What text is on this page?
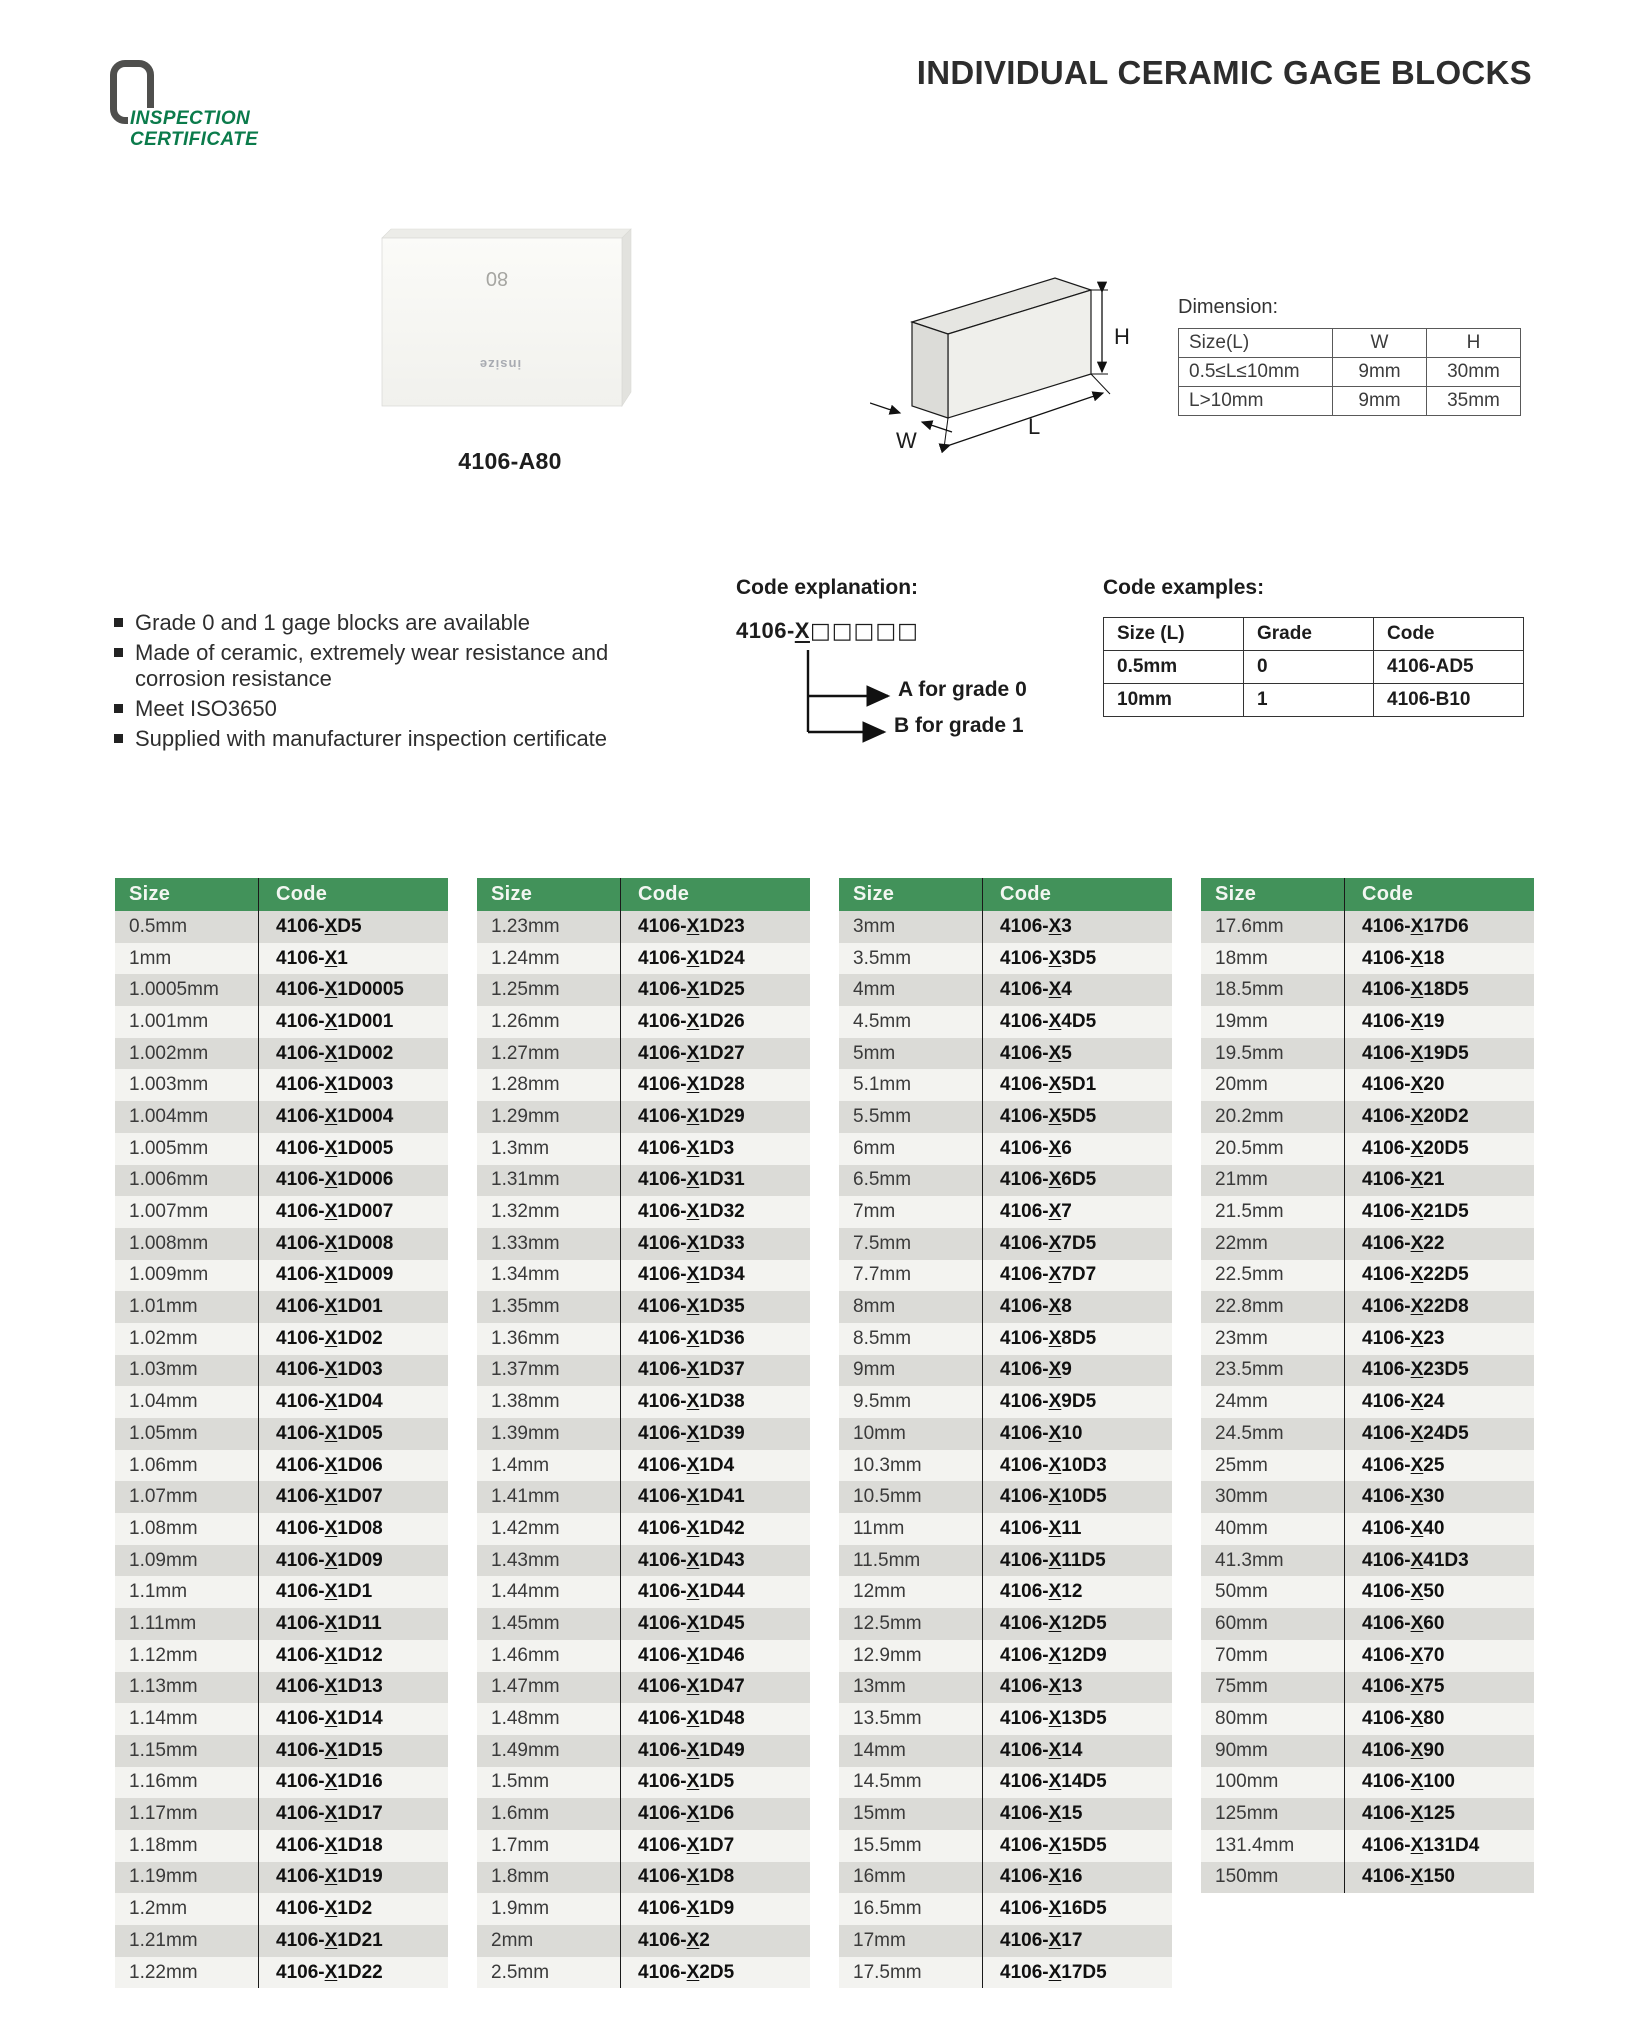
INSPECTION
CERTIFICATE
INDIVIDUAL CERAMIC GAGE BLOCKS
80
insize
4106-A80
H
L
W
Dimension:
Size(L)	W	H
0.5≤L≤10mm	9mm	30mm
L>10mm	9mm	35mm
Grade 0 and 1 gage blocks are available
Made of ceramic, extremely wear resistance and corrosion resistance
Meet ISO3650
Supplied with manufacturer inspection certificate
Code explanation:
4106-X□□□□□
A for grade 0
B for grade 1
Code examples:
Size (L)	Grade	Code
0.5mm	0	4106-AD5
10mm	1	4106-B10
Size	Code
0.5mm	4106- X D5
1mm	4106- X 1
1.0005mm	4106- X 1D0005
1.001mm	4106- X 1D001
1.002mm	4106- X 1D002
1.003mm	4106- X 1D003
1.004mm	4106- X 1D004
1.005mm	4106- X 1D005
1.006mm	4106- X 1D006
1.007mm	4106- X 1D007
1.008mm	4106- X 1D008
1.009mm	4106- X 1D009
1.01mm	4106- X 1D01
1.02mm	4106- X 1D02
1.03mm	4106- X 1D03
1.04mm	4106- X 1D04
1.05mm	4106- X 1D05
1.06mm	4106- X 1D06
1.07mm	4106- X 1D07
1.08mm	4106- X 1D08
1.09mm	4106- X 1D09
1.1mm	4106- X 1D1
1.11mm	4106- X 1D11
1.12mm	4106- X 1D12
1.13mm	4106- X 1D13
1.14mm	4106- X 1D14
1.15mm	4106- X 1D15
1.16mm	4106- X 1D16
1.17mm	4106- X 1D17
1.18mm	4106- X 1D18
1.19mm	4106- X 1D19
1.2mm	4106- X 1D2
1.21mm	4106- X 1D21
1.22mm	4106- X 1D22
Size	Code
1.23mm	4106- X 1D23
1.24mm	4106- X 1D24
1.25mm	4106- X 1D25
1.26mm	4106- X 1D26
1.27mm	4106- X 1D27
1.28mm	4106- X 1D28
1.29mm	4106- X 1D29
1.3mm	4106- X 1D3
1.31mm	4106- X 1D31
1.32mm	4106- X 1D32
1.33mm	4106- X 1D33
1.34mm	4106- X 1D34
1.35mm	4106- X 1D35
1.36mm	4106- X 1D36
1.37mm	4106- X 1D37
1.38mm	4106- X 1D38
1.39mm	4106- X 1D39
1.4mm	4106- X 1D4
1.41mm	4106- X 1D41
1.42mm	4106- X 1D42
1.43mm	4106- X 1D43
1.44mm	4106- X 1D44
1.45mm	4106- X 1D45
1.46mm	4106- X 1D46
1.47mm	4106- X 1D47
1.48mm	4106- X 1D48
1.49mm	4106- X 1D49
1.5mm	4106- X 1D5
1.6mm	4106- X 1D6
1.7mm	4106- X 1D7
1.8mm	4106- X 1D8
1.9mm	4106- X 1D9
2mm	4106- X 2
2.5mm	4106- X 2D5
Size	Code
3mm	4106- X 3
3.5mm	4106- X 3D5
4mm	4106- X 4
4.5mm	4106- X 4D5
5mm	4106- X 5
5.1mm	4106- X 5D1
5.5mm	4106- X 5D5
6mm	4106- X 6
6.5mm	4106- X 6D5
7mm	4106- X 7
7.5mm	4106- X 7D5
7.7mm	4106- X 7D7
8mm	4106- X 8
8.5mm	4106- X 8D5
9mm	4106- X 9
9.5mm	4106- X 9D5
10mm	4106- X 10
10.3mm	4106- X 10D3
10.5mm	4106- X 10D5
11mm	4106- X 11
11.5mm	4106- X 11D5
12mm	4106- X 12
12.5mm	4106- X 12D5
12.9mm	4106- X 12D9
13mm	4106- X 13
13.5mm	4106- X 13D5
14mm	4106- X 14
14.5mm	4106- X 14D5
15mm	4106- X 15
15.5mm	4106- X 15D5
16mm	4106- X 16
16.5mm	4106- X 16D5
17mm	4106- X 17
17.5mm	4106- X 17D5
Size	Code
17.6mm	4106- X 17D6
18mm	4106- X 18
18.5mm	4106- X 18D5
19mm	4106- X 19
19.5mm	4106- X 19D5
20mm	4106- X 20
20.2mm	4106- X 20D2
20.5mm	4106- X 20D5
21mm	4106- X 21
21.5mm	4106- X 21D5
22mm	4106- X 22
22.5mm	4106- X 22D5
22.8mm	4106- X 22D8
23mm	4106- X 23
23.5mm	4106- X 23D5
24mm	4106- X 24
24.5mm	4106- X 24D5
25mm	4106- X 25
30mm	4106- X 30
40mm	4106- X 40
41.3mm	4106- X 41D3
50mm	4106- X 50
60mm	4106- X 60
70mm	4106- X 70
75mm	4106- X 75
80mm	4106- X 80
90mm	4106- X 90
100mm	4106- X 100
125mm	4106- X 125
131.4mm	4106- X 131D4
150mm	4106- X 150
